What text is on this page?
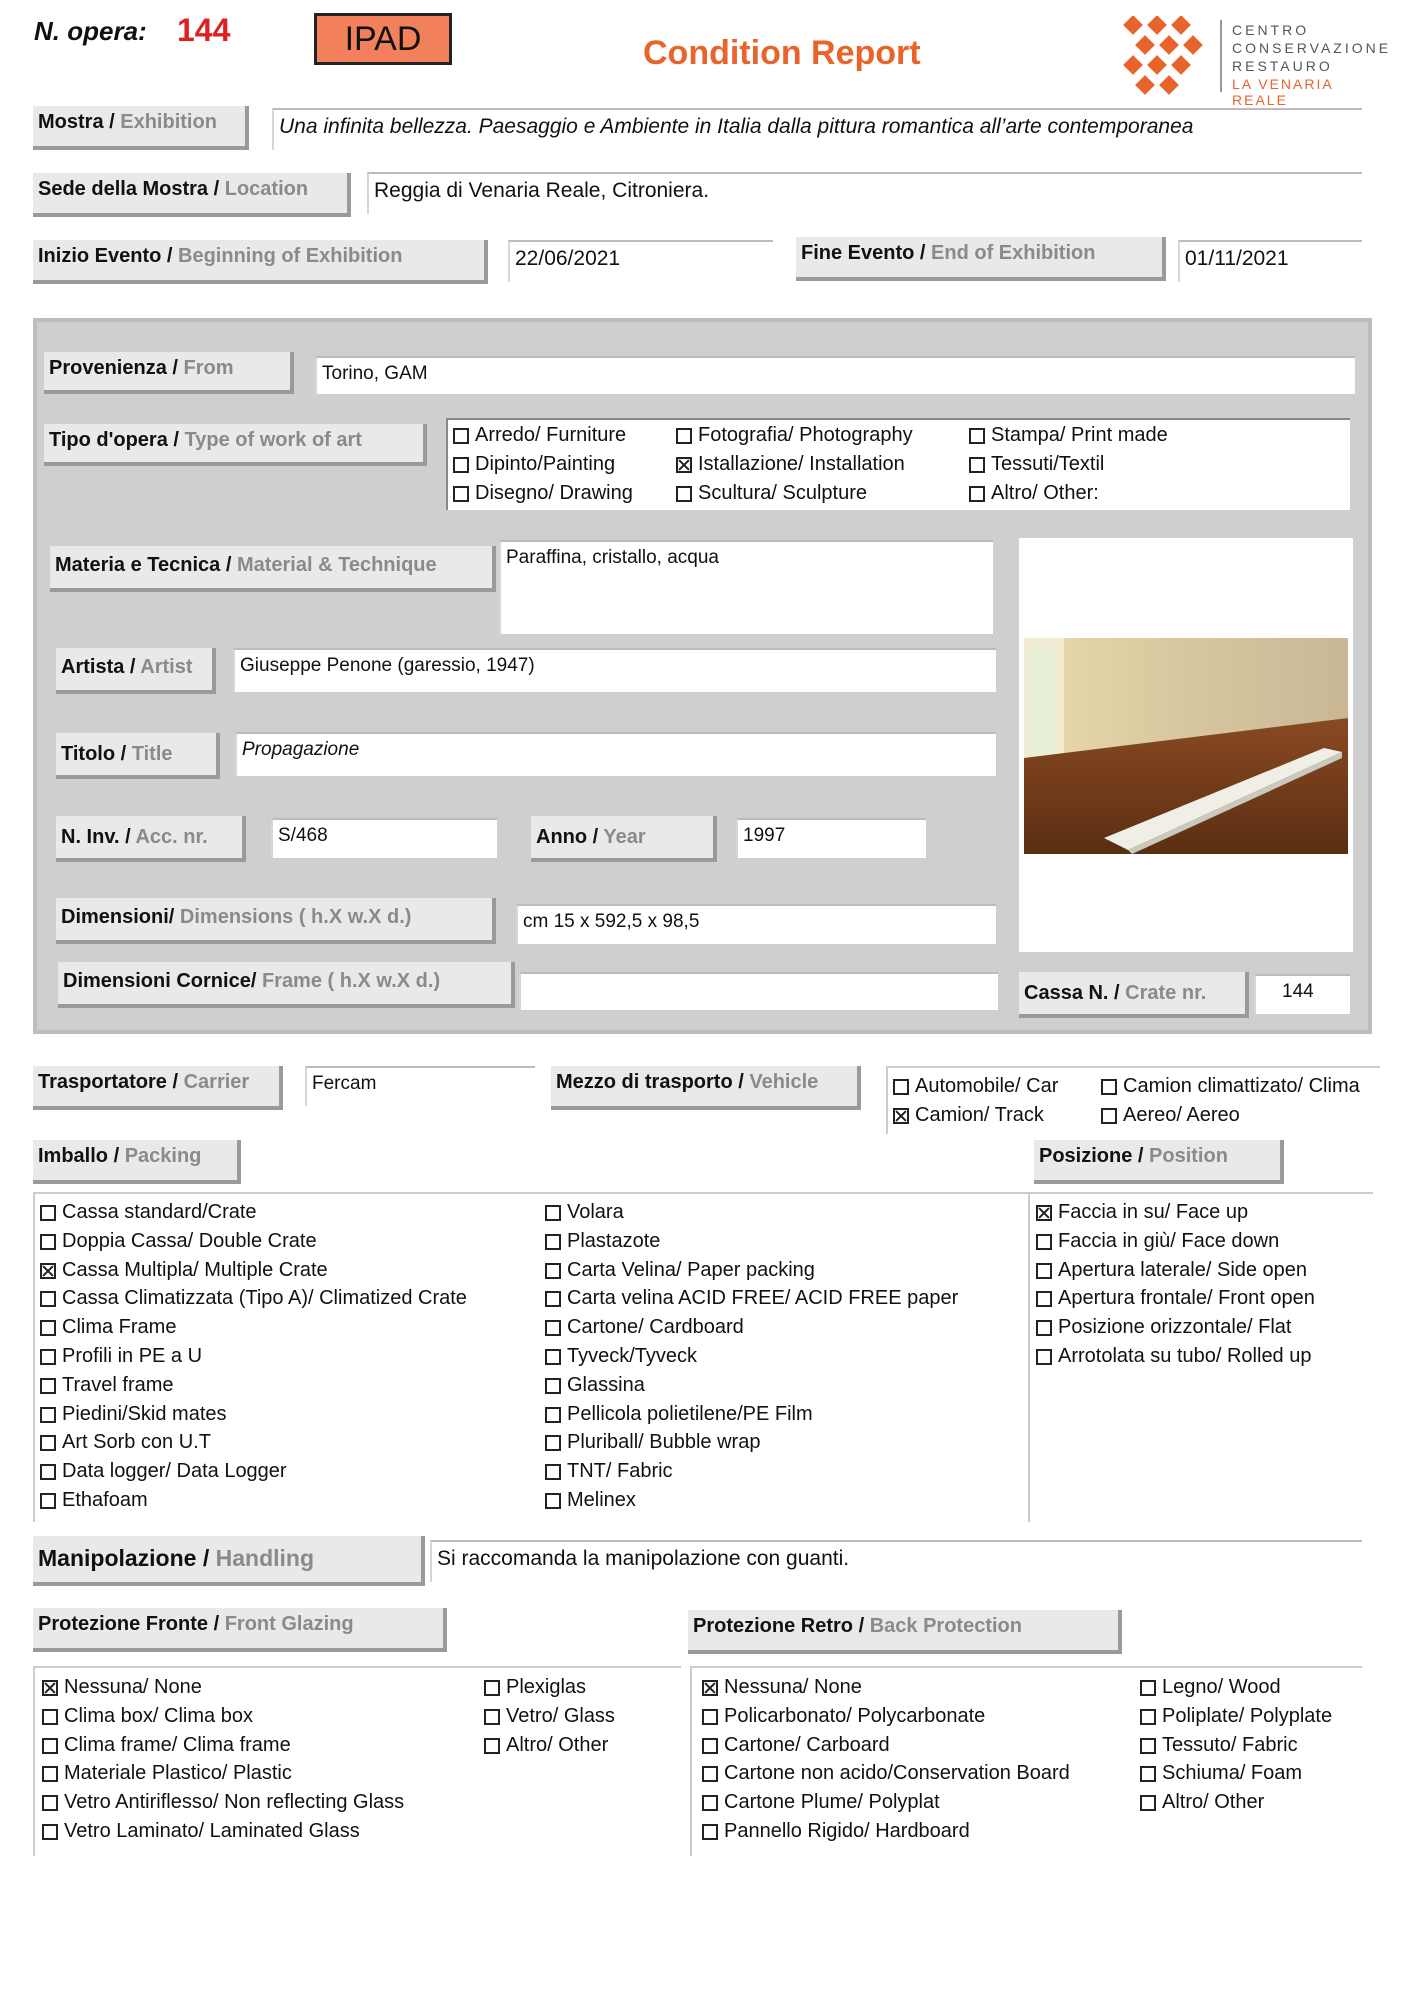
N. opera: 144	IPAD	Condition Report
CENTRO
CONSERVAZIONE
RESTAURO
LA VENARIA REALE
Mostra / Exhibition	Una infinita bellezza. Paesaggio e Ambiente in Italia dalla pittura romantica all’arte contemporanea
Sede della Mostra / Location	Reggia di Venaria Reale, Citroniera.
Inizio Evento / Beginning of Exhibition	22/06/2021	Fine Evento / End of Exhibition	01/11/2021
Provenienza / From	Torino, GAM
Tipo d'opera / Type of work of art	Arredo/ Furniture
Dipinto/Painting
Disegno/ Drawing
Fotografia/ Photography
Istallazione/ Installation
Scultura/ Sculpture
Stampa/ Print made
Tessuti/Textil
Altro/ Other:
Materia e Tecnica / Material & Technique	Paraffina, cristallo, acqua
Artista / Artist	Giuseppe Penone (garessio, 1947)
Titolo / Title	Propagazione
N. Inv. / Acc. nr.	S/468	Anno / Year	1997
Dimensioni/ Dimensions ( h.X w.X d.)	cm 15 x 592,5 x 98,5
Dimensioni Cornice/ Frame ( h.X w.X d.)
Cassa N. / Crate nr.	144
Trasportatore / Carrier	Fercam	Mezzo di trasporto / Vehicle	Automobile/ Car
Camion/ Track
Camion climattizato/ Clima
Aereo/ Aereo
Imballo / Packing
Cassa standard/Crate
Doppia Cassa/ Double Crate
Cassa Multipla/ Multiple Crate
Cassa Climatizzata (Tipo A)/ Climatized Crate
Clima Frame
Profili in PE a U
Travel frame
Piedini/Skid mates
Art Sorb con U.T
Data logger/ Data Logger
Ethafoam
Volara
Plastazote
Carta Velina/ Paper packing
Carta velina ACID FREE/ ACID FREE paper
Cartone/ Cardboard
Tyveck/Tyveck
Glassina
Pellicola polietilene/PE Film
Pluriball/ Bubble wrap
TNT/ Fabric
Melinex
Posizione / Position
Faccia in su/ Face up
Faccia in giù/ Face down
Apertura laterale/ Side open
Apertura frontale/ Front open
Posizione orizzontale/ Flat
Arrotolata su tubo/ Rolled up
Manipolazione / Handling	Si raccomanda la manipolazione con guanti.
Protezione Fronte / Front Glazing	Protezione Retro / Back Protection
Nessuna/ None
Clima box/ Clima box
Clima frame/ Clima frame
Materiale Plastico/ Plastic
Vetro Antiriflesso/ Non reflecting Glass
Vetro Laminato/ Laminated Glass
Plexiglas
Vetro/ Glass
Altro/ Other
Nessuna/ None
Policarbonato/ Polycarbonate
Cartone/ Carboard
Cartone non acido/Conservation Board
Cartone Plume/ Polyplat
Pannello Rigido/ Hardboard
Legno/ Wood
Poliplate/ Polyplate
Tessuto/ Fabric
Schiuma/ Foam
Altro/ Other
